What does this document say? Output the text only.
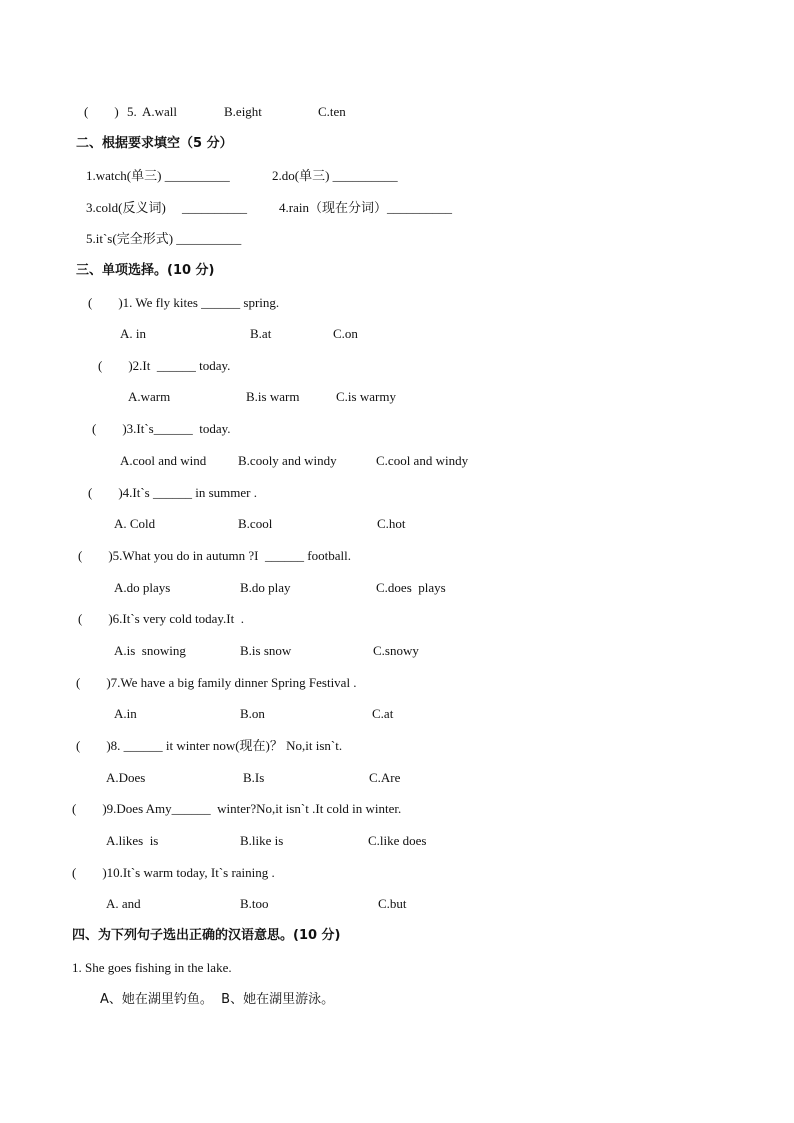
(        ) 5. A.wall	B.eight	C.ten
二、根据要求填空（5 分）
1.watch(单三) __________	2.do(单三) __________
3.cold(反义词)     __________ 4.rain（现在分词）__________
5.it`s(完全形式) __________
三、单项选择。(10 分)
(        )1. We fly kites ______ spring.
A. in	B.at	C.on
(        )2.It  ______ today.
A.warm	B.is warm	C.is warmy
(        )3.It`s______  today.
A.cool and wind B.cooly and windy	C.cool and windy
(        )4.It`s ______ in summer .
A. Cold	B.cool	C.hot
(        )5.What you do in autumn ?I  ______ football.
A.do plays	B.do play	C.does  plays
(        )6.It`s very cold today.It  .
A.is  snowing	B.is snow	C.snowy
(        )7.We have a big family dinner Spring Festival .
A.in	B.on	C.at
(        )8. ______ it winter now(现在)？ No,it isn`t.
A.Does	B.Is	C.Are
(        )9.Does Amy______  winter?No,it isn`t .It cold in winter.
A.likes  is	B.like is	C.like does
(        )10.It`s warm today, It`s raining .
A. and	B.too	C.but
四、为下列句子选出正确的汉语意思。(10 分)
1. She goes fishing in the lake.
A、她在湖里钓鱼。  B、她在湖里游泳。
